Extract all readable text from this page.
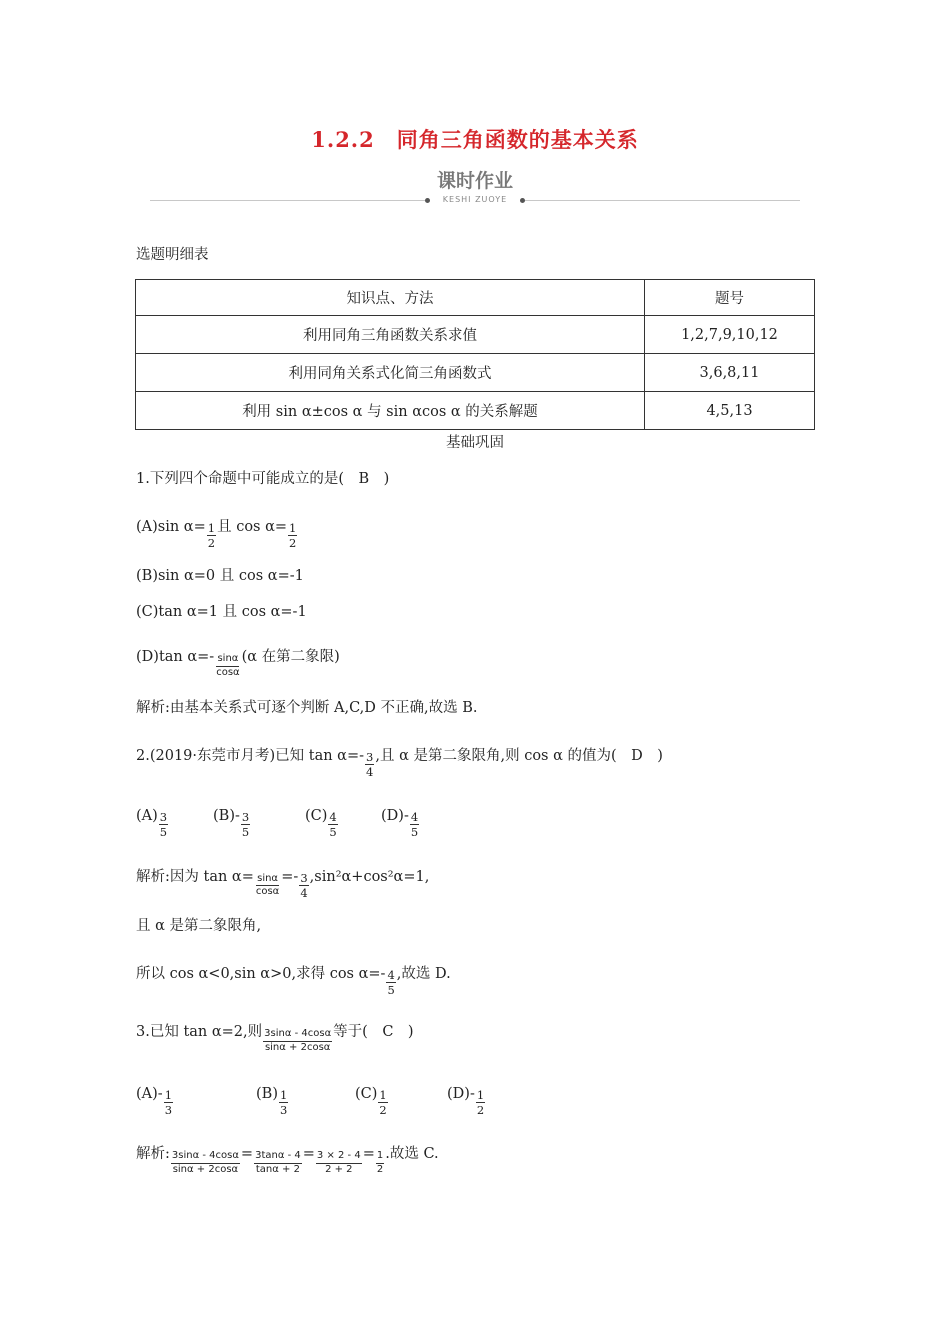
1.2.2　同角三角函数的基本关系
课时作业
KESHI ZUOYE
选题明细表
知识点、方法	题号
利用同角三角函数关系求值	1,2,7,9,10,12
利用同角关系式化简三角函数式	3,6,8,11
利用 sin α±cos α 与 sin αcos α 的关系解题	4,5,13
基础巩固
1.下列四个命题中可能成立的是(　B　)
(A)sin $\alpha= \frac{1}{2}$ 且 $\cos \alpha= \frac{1}{2}$
(B)sin α=0 且 cos α=-1
(C)tan α=1 且 cos α=-1
(D)tan $\alpha=- \frac{\sin\alpha}{\cos\alpha} (\alpha$ 在第二象限)
解析:由基本关系式可逐个判断 A,C,D 不正确,故选 B.
2.(2019·东莞市月考)已知 $\tan \alpha=- \frac{3}{4}$ ,且 α 是第二象限角,则 cos α 的值为(　D　)
$(A) \frac{3}{5}$	$(B)- \frac{3}{5}$	$(C) \frac{4}{5}$	$(D)- \frac{4}{5}$
解析:因为 $\tan \alpha= \frac{\sin\alpha}{\cos\alpha} =- \frac{3}{4} ,\sin^2\alpha+\cos^2\alpha=1$,
且 α 是第二象限角,
所以 cos α<0,sin α>0,求得 $\cos \alpha=- \frac{4}{5}$ ,故选 D.
3.已知 tan α=2,则 $\frac{3\sin\alpha - 4\cos\alpha}{\sin\alpha + 2\cos\alpha}$ 等于(　C　)
$(A)- \frac{1}{3}$	$(B) \frac{1}{3}$	$(C) \frac{1}{2}$	$(D)- \frac{1}{2}$
解析: $\frac{3\sin\alpha - 4\cos\alpha}{\sin\alpha + 2\cos\alpha} = \frac{3\tan\alpha - 4}{\tan\alpha + 2} = \frac{3 \times 2 - 4}{2 + 2} = \frac{1}{2}$ .故选 C.
